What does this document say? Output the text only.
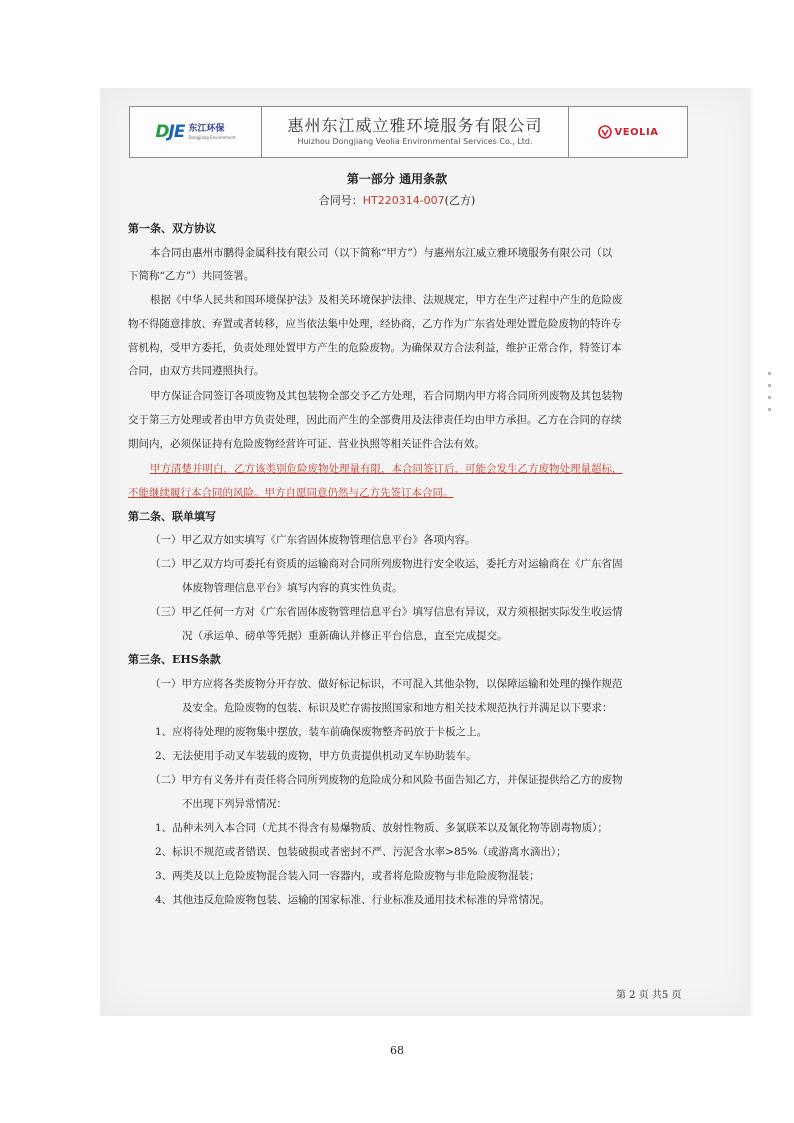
DJE 东江环保
Dongjiang Environment
惠州东江威立雅环境服务有限公司
Huizhou Dongjiang Veolia Environmental Services Co., Ltd.
VEOLIA
第一部分 通用条款
合同号：HT220314-007(乙方)
第一条、双方协议
本合同由惠州市鹏得金属科技有限公司（以下简称“甲方”）与惠州东江威立雅环境服务有限公司（以
下简称“乙方”）共同签署。
根据《中华人民共和国环境保护法》及相关环境保护法律、法规规定，甲方在生产过程中产生的危险废
物不得随意排放、弃置或者转移，应当依法集中处理，经协商，乙方作为广东省处理处置危险废物的特许专
营机构，受甲方委托，负责处理处置甲方产生的危险废物。为确保双方合法利益，维护正常合作，特签订本
合同，由双方共同遵照执行。
甲方保证合同签订各项废物及其包装物全部交予乙方处理，若合同期内甲方将合同所列废物及其包装物
交于第三方处理或者由甲方负责处理，因此而产生的全部费用及法律责任均由甲方承担。乙方在合同的存续
期间内，必须保证持有危险废物经营许可证、营业执照等相关证件合法有效。
甲方清楚并明白，乙方该类别危险废物处理量有限，本合同签订后，可能会发生乙方废物处理量超标，
不能继续履行本合同的风险。甲方自愿同意仍然与乙方先签订本合同。
第二条、联单填写
（一）甲乙双方如实填写《广东省固体废物管理信息平台》各项内容。
（二）甲乙双方均可委托有资质的运输商对合同所列废物进行安全收运，委托方对运输商在《广东省固
体废物管理信息平台》填写内容的真实性负责。
（三）甲乙任何一方对《广东省固体废物管理信息平台》填写信息有异议，双方须根据实际发生收运情
况（承运单、磅单等凭据）重新确认并修正平台信息，直至完成提交。
第三条、EHS条款
（一）甲方应将各类废物分开存放、做好标记标识，不可混入其他杂物，以保障运输和处理的操作规范
及安全。危险废物的包装、标识及贮存需按照国家和地方相关技术规范执行并满足以下要求：
1、应将待处理的废物集中摆放，装车前确保废物整齐码放于卡板之上。
2、无法使用手动叉车装载的废物，甲方负责提供机动叉车协助装车。
（二）甲方有义务并有责任将合同所列废物的危险成分和风险书面告知乙方，并保证提供给乙方的废物
不出现下列异常情况：
1、品种未列入本合同（尤其不得含有易爆物质、放射性物质、多氯联苯以及氰化物等剧毒物质）；
2、标识不规范或者错误、包装破损或者密封不严、污泥含水率>85%（或游离水滴出）；
3、两类及以上危险废物混合装入同一容器内，或者将危险废物与非危险废物混装；
4、其他违反危险废物包装、运输的国家标准、行业标准及通用技术标准的异常情况。
第 2 页 共5 页
68
